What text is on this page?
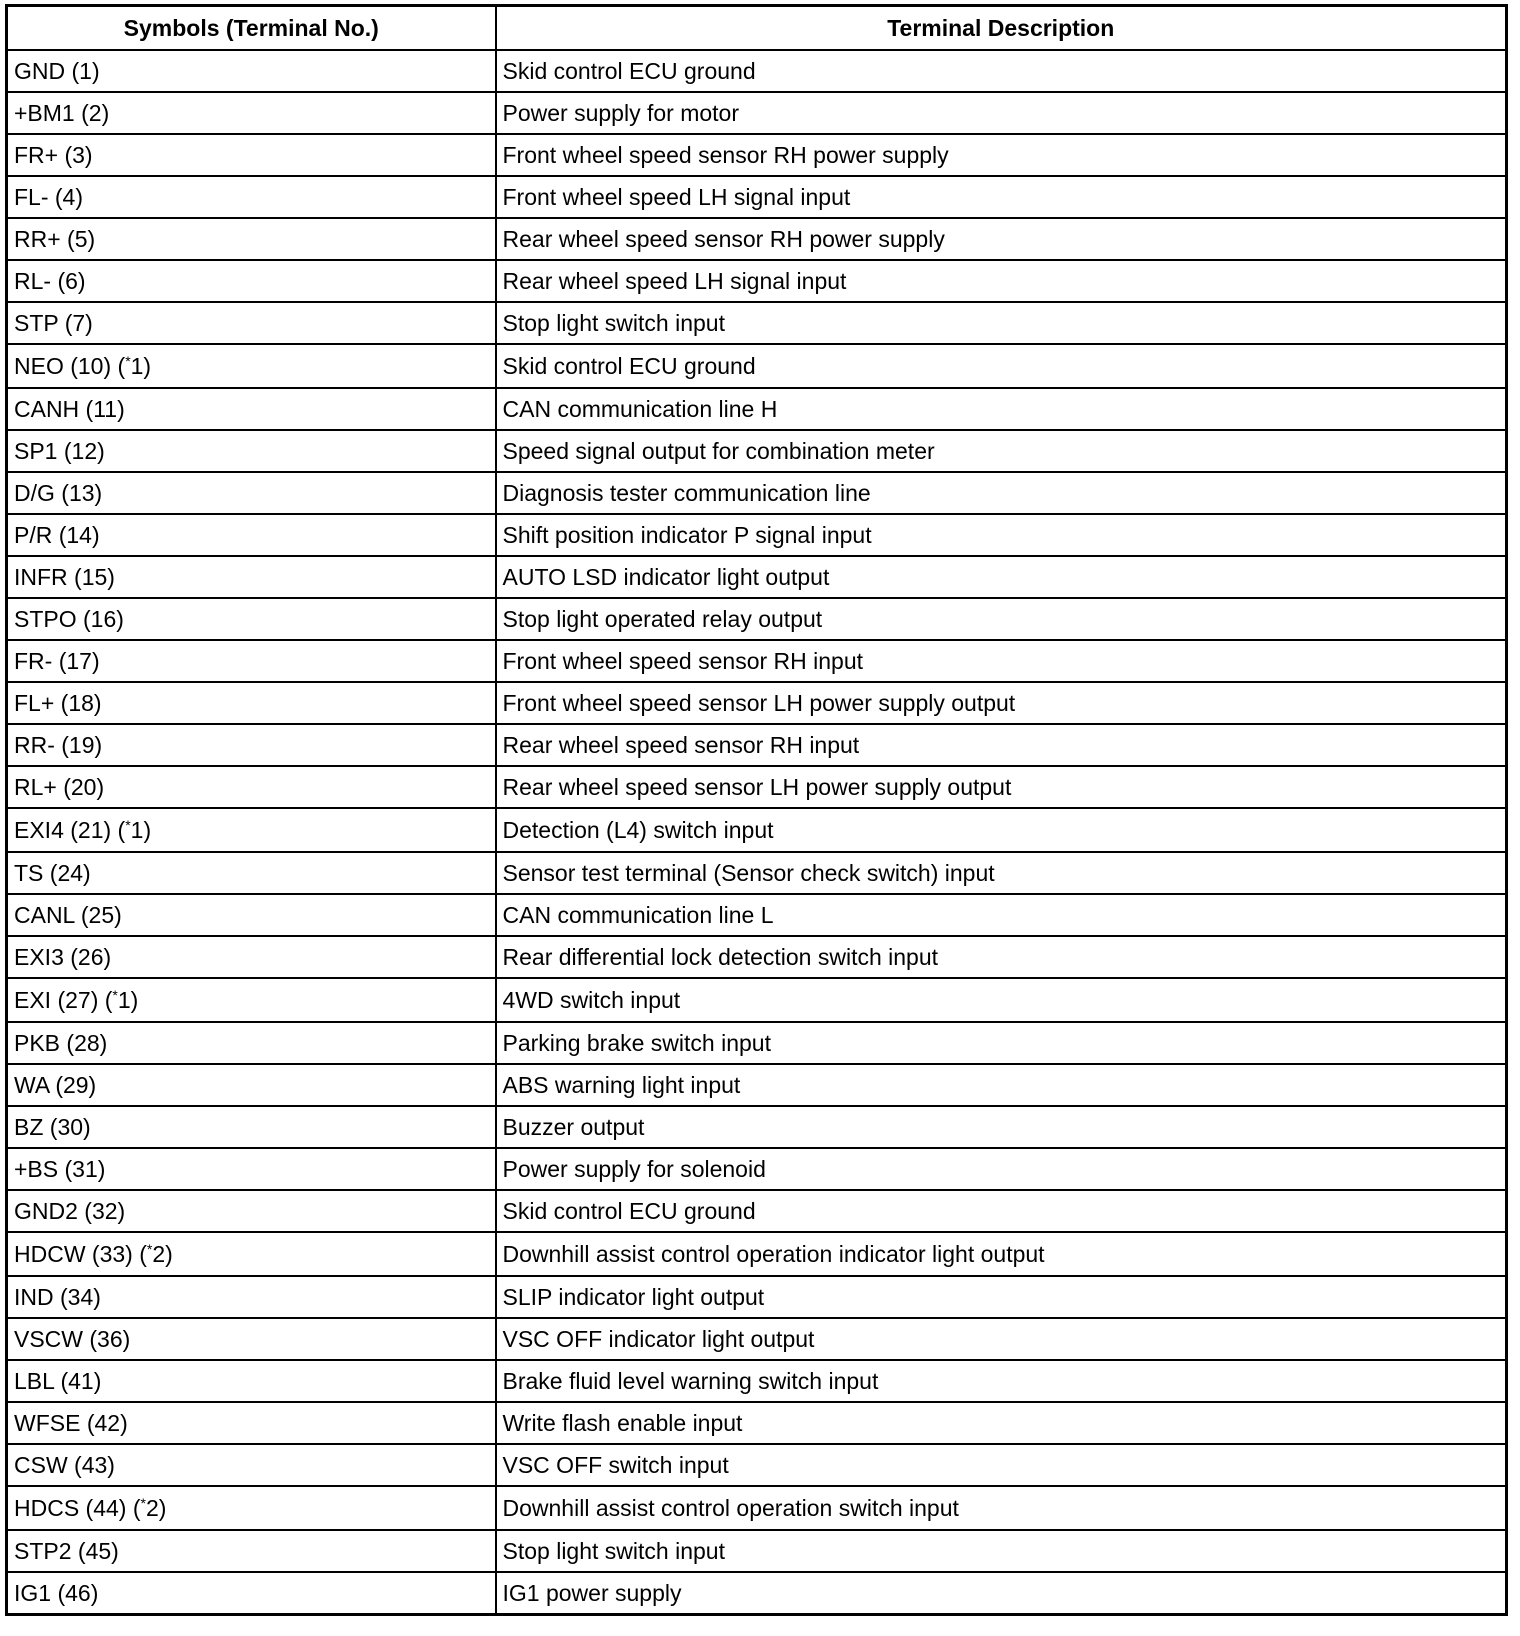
Symbols (Terminal No.)	Terminal Description
GND (1)	Skid control ECU ground
+BM1 (2)	Power supply for motor
FR+ (3)	Front wheel speed sensor RH power supply
FL- (4)	Front wheel speed LH signal input
RR+ (5)	Rear wheel speed sensor RH power supply
RL- (6)	Rear wheel speed LH signal input
STP (7)	Stop light switch input
NEO (10) (*1)	Skid control ECU ground
CANH (11)	CAN communication line H
SP1 (12)	Speed signal output for combination meter
D/G (13)	Diagnosis tester communication line
P/R (14)	Shift position indicator P signal input
INFR (15)	AUTO LSD indicator light output
STPO (16)	Stop light operated relay output
FR- (17)	Front wheel speed sensor RH input
FL+ (18)	Front wheel speed sensor LH power supply output
RR- (19)	Rear wheel speed sensor RH input
RL+ (20)	Rear wheel speed sensor LH power supply output
EXI4 (21) (*1)	Detection (L4) switch input
TS (24)	Sensor test terminal (Sensor check switch) input
CANL (25)	CAN communication line L
EXI3 (26)	Rear differential lock detection switch input
EXI (27) (*1)	4WD switch input
PKB (28)	Parking brake switch input
WA (29)	ABS warning light input
BZ (30)	Buzzer output
+BS (31)	Power supply for solenoid
GND2 (32)	Skid control ECU ground
HDCW (33) (*2)	Downhill assist control operation indicator light output
IND (34)	SLIP indicator light output
VSCW (36)	VSC OFF indicator light output
LBL (41)	Brake fluid level warning switch input
WFSE (42)	Write flash enable input
CSW (43)	VSC OFF switch input
HDCS (44) (*2)	Downhill assist control operation switch input
STP2 (45)	Stop light switch input
IG1 (46)	IG1 power supply
